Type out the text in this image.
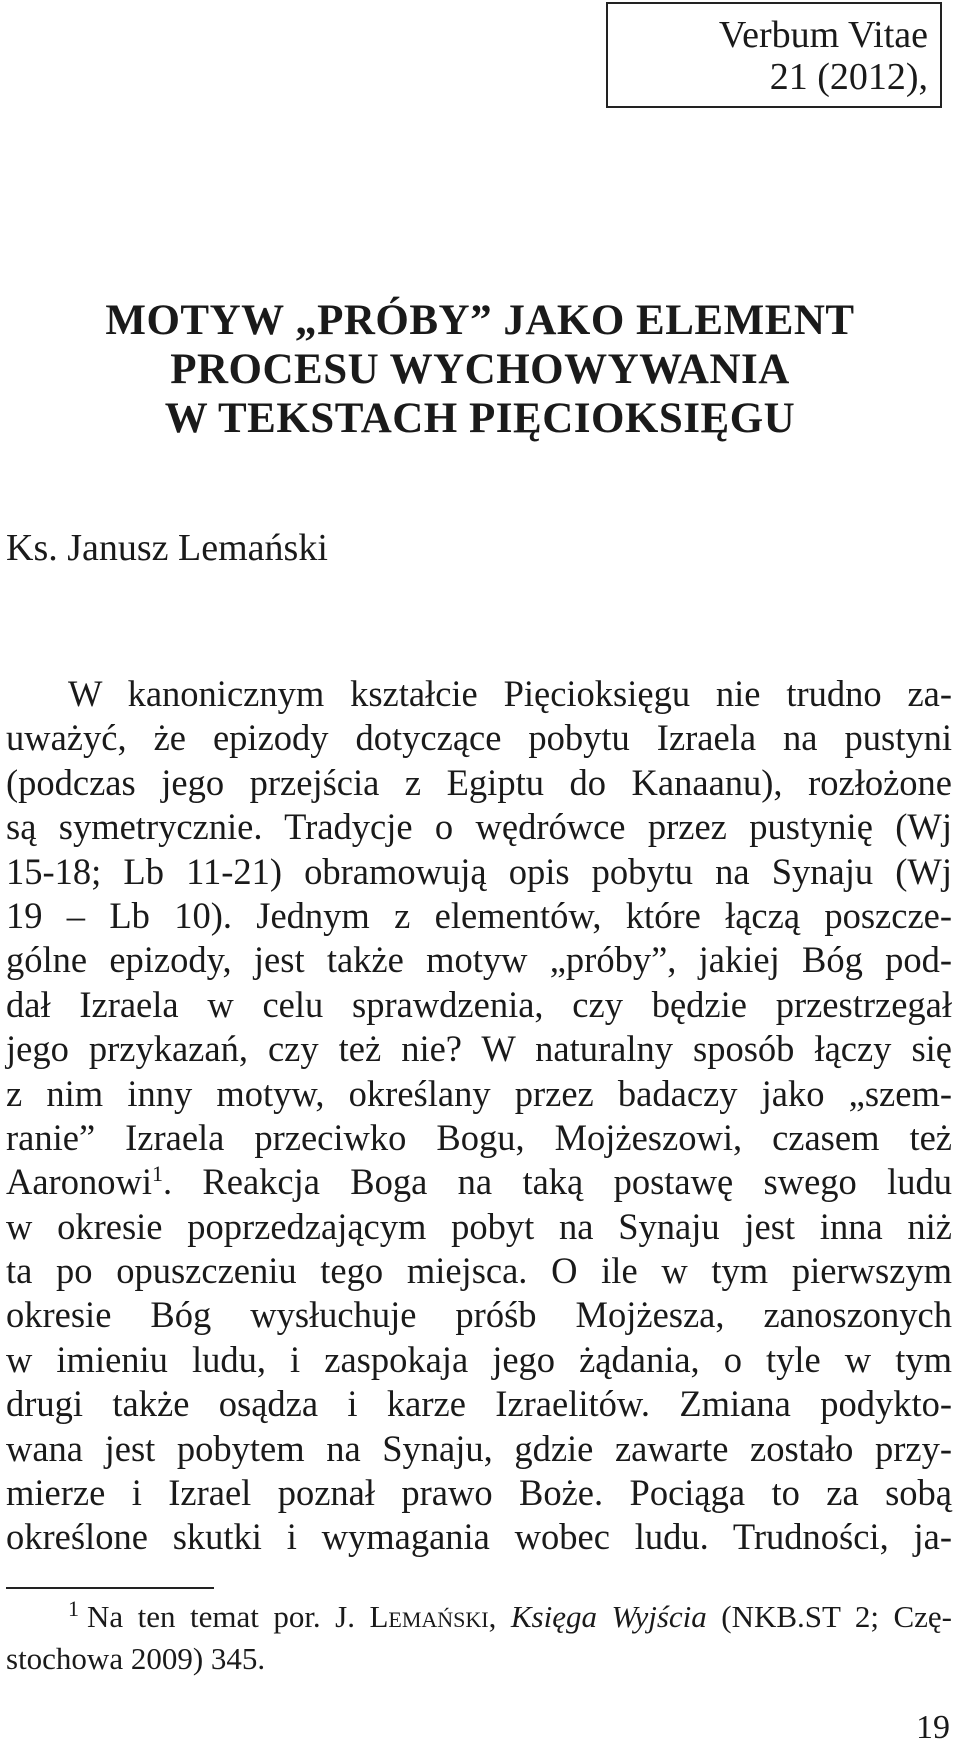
Verbum Vitae
21 (2012),
MOTYW „PRÓBY” JAKO ELEMENT
PROCESU WYCHOWYWANIA
W TEKSTACH PIĘCIOKSIĘGU
Ks. Janusz Lemański
W kanonicznym kształcie Pięcioksięgu nie trudno za-
uważyć, że epizody dotyczące pobytu Izraela na pustyni
(podczas jego przejścia z Egiptu do Kanaanu), rozłożone
są symetrycznie. Tradycje o wędrówce przez pustynię (Wj
15-18; Lb 11-21) obramowują opis pobytu na Synaju (Wj
19 – Lb 10). Jednym z elementów, które łączą poszcze-
gólne epizody, jest także motyw „próby”, jakiej Bóg pod-
dał Izraela w celu sprawdzenia, czy będzie przestrzegał
jego przykazań, czy też nie? W naturalny sposób łączy się
z nim inny motyw, określany przez badaczy jako „szem-
ranie” Izraela przeciwko Bogu, Mojżeszowi, czasem też
Aaronowi$^1$. Reakcja Boga na taką postawę swego ludu
w okresie poprzedzającym pobyt na Synaju jest inna niż
ta po opuszczeniu tego miejsca. O ile w tym pierwszym
okresie Bóg wysłuchuje próśb Mojżesza, zanoszonych
w imieniu ludu, i zaspokaja jego żądania, o tyle w tym
drugi także osądza i karze Izraelitów. Zmiana podykto-
wana jest pobytem na Synaju, gdzie zawarte zostało przy-
mierze i Izrael poznał prawo Boże. Pociąga to za sobą
określone skutki i wymagania wobec ludu. Trudności, ja-
$^1$ Na ten temat por. J. Lemański, Księga Wyjścia (NKB.ST 2; Czę-
stochowa 2009) 345.
19
